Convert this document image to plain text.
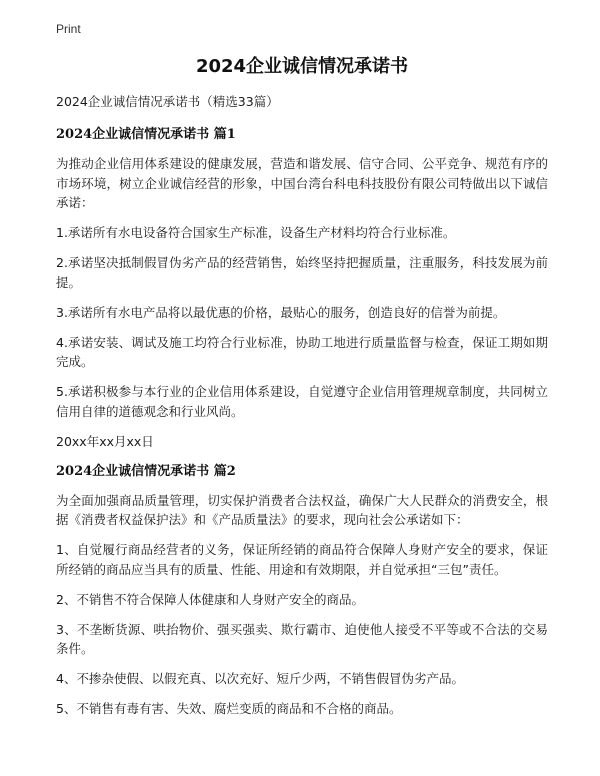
Print
2024企业诚信情况承诺书
2024企业诚信情况承诺书（精选33篇）
2024企业诚信情况承诺书 篇1
为推动企业信用体系建设的健康发展，营造和谐发展、信守合同、公平竞争、规范有序的市场环境，树立企业诚信经营的形象，中国台湾台科电科技股份有限公司特做出以下诚信承诺：
1.承诺所有水电设备符合国家生产标准，设备生产材料均符合行业标准。
2.承诺坚决抵制假冒伪劣产品的经营销售，始终坚持把握质量，注重服务，科技发展为前提。
3.承诺所有水电产品将以最优惠的价格，最贴心的服务，创造良好的信誉为前提。
4.承诺安装、调试及施工均符合行业标准，协助工地进行质量监督与检查，保证工期如期完成。
5.承诺积极参与本行业的企业信用体系建设，自觉遵守企业信用管理规章制度，共同树立信用自律的道德观念和行业风尚。
20xx年xx月xx日
2024企业诚信情况承诺书 篇2
为全面加强商品质量管理，切实保护消费者合法权益，确保广大人民群众的消费安全，根据《消费者权益保护法》和《产品质量法》的要求，现向社会公承诺如下：
1、自觉履行商品经营者的义务，保证所经销的商品符合保障人身财产安全的要求，保证所经销的商品应当具有的质量、性能、用途和有效期限，并自觉承担“三包”责任。
2、不销售不符合保障人体健康和人身财产安全的商品。
3、不垄断货源、哄抬物价、强买强卖、欺行霸市、迫使他人接受不平等或不合法的交易条件。
4、不掺杂使假、以假充真、以次充好、短斤少两，不销售假冒伪劣产品。
5、不销售有毒有害、失效、腐烂变质的商品和不合格的商品。
